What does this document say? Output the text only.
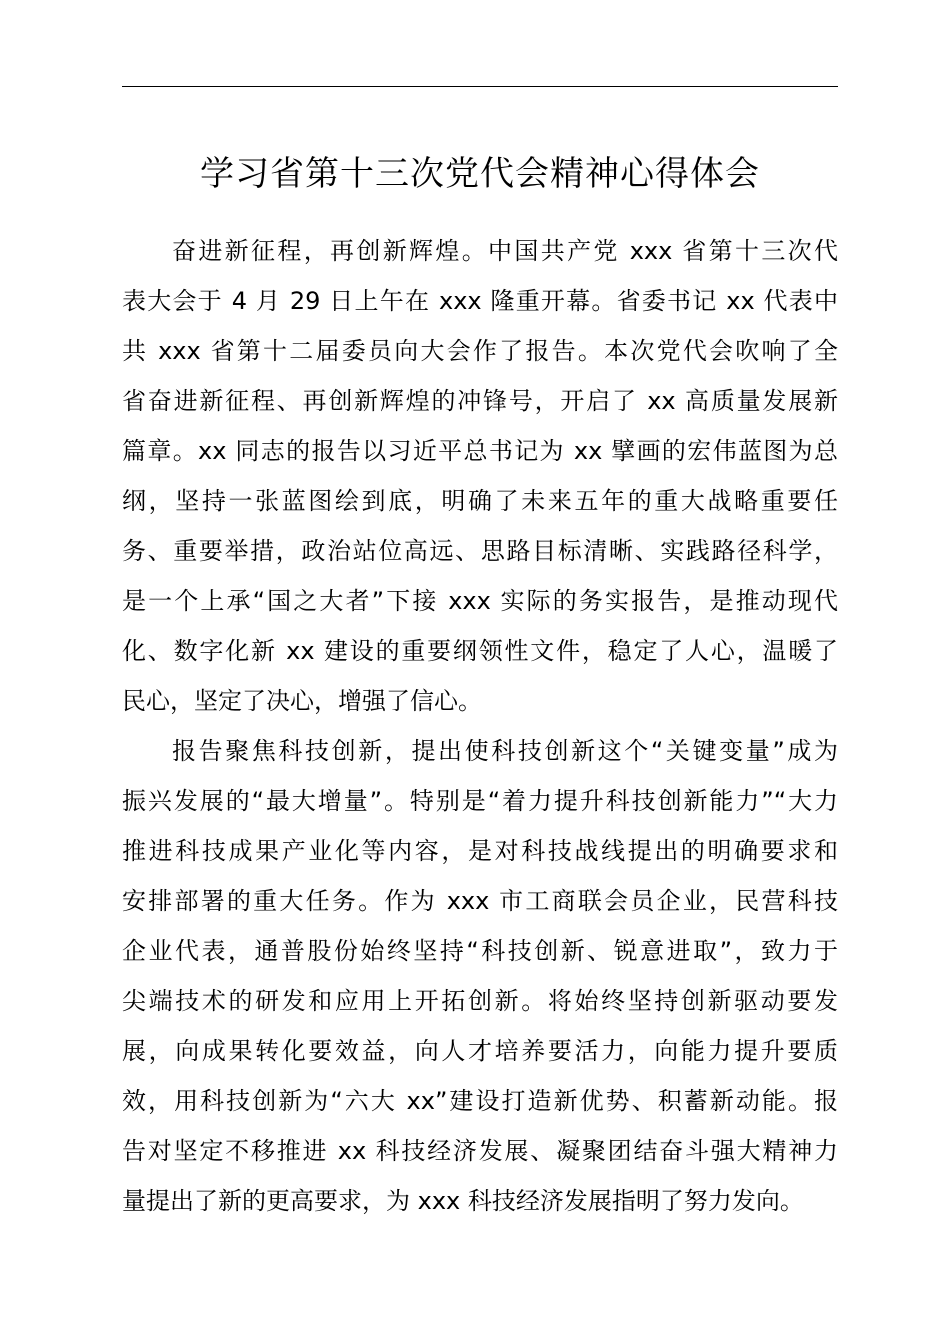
学习省第十三次党代会精神心得体会

奋进新征程，再创新辉煌。中国共产党 xxx 省第十三次代
表大会于 4 月 29 日上午在 xxx 隆重开幕。省委书记 xx 代表中
共 xxx 省第十二届委员向大会作了报告。本次党代会吹响了全
省奋进新征程、再创新辉煌的冲锋号，开启了 xx 高质量发展新
篇章。xx 同志的报告以习近平总书记为 xx 擘画的宏伟蓝图为总
纲，坚持一张蓝图绘到底，明确了未来五年的重大战略重要任
务、重要举措，政治站位高远、思路目标清晰、实践路径科学，
是一个上承“国之大者”下接 xxx 实际的务实报告，是推动现代
化、数字化新 xx 建设的重要纲领性文件，稳定了人心，温暖了
民心，坚定了决心，增强了信心。

报告聚焦科技创新，提出使科技创新这个“关键变量”成为
振兴发展的“最大增量”。特别是“着力提升科技创新能力”“大力
推进科技成果产业化等内容，是对科技战线提出的明确要求和
安排部署的重大任务。作为 xxx 市工商联会员企业，民营科技
企业代表，通普股份始终坚持“科技创新、锐意进取”，致力于
尖端技术的研发和应用上开拓创新。将始终坚持创新驱动要发
展，向成果转化要效益，向人才培养要活力，向能力提升要质
效，用科技创新为“六大 xx”建设打造新优势、积蓄新动能。报
告对坚定不移推进 xx 科技经济发展、凝聚团结奋斗强大精神力
量提出了新的更高要求，为 xxx 科技经济发展指明了努力发向。
